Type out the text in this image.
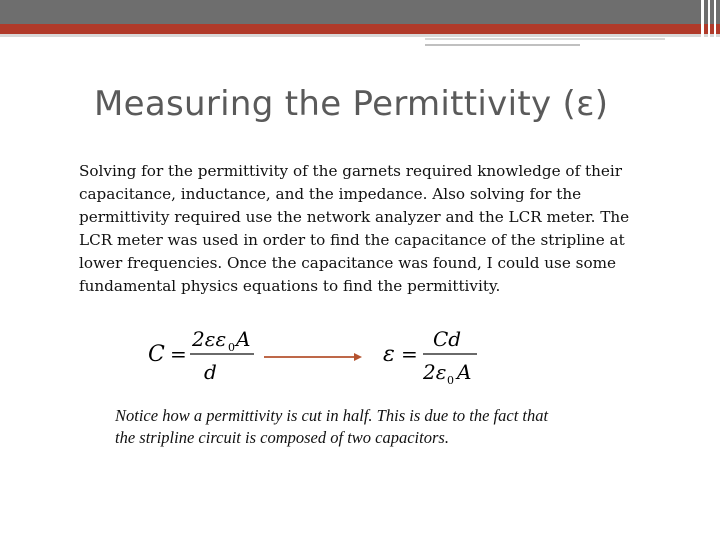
Measuring the Permittivity (ε)
Solving for the permittivity of the garnets required knowledge of their capacitance, inductance, and the impedance. Also solving for the permittivity required use the network analyzer and the LCR meter. The LCR meter was used in order to find the capacitance of the stripline at lower frequencies. Once the capacitance was found, I could use some fundamental physics equations to find the permittivity.
C =
2εε 0 A
d
ε =
Cd
2ε 0 A
Notice how a permittivity is cut in half. This is due to the fact that the stripline circuit is composed of two capacitors.
